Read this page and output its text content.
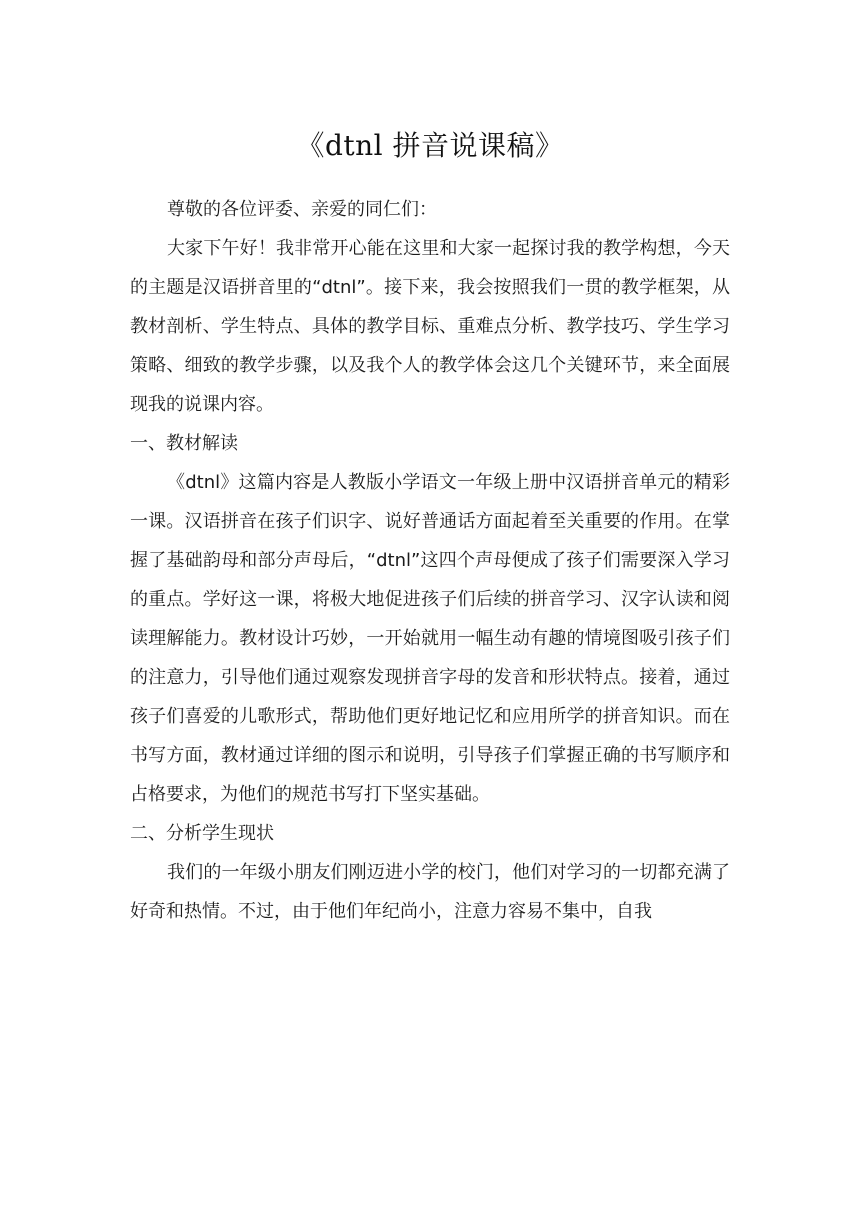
《dtnl 拼音说课稿》

尊敬的各位评委、亲爱的同仁们：

大家下午好！我非常开心能在这里和大家一起探讨我的教学构想，今天的主题是汉语拼音里的“dtnl”。接下来，我会按照我们一贯的教学框架，从教材剖析、学生特点、具体的教学目标、重难点分析、教学技巧、学生学习策略、细致的教学步骤，以及我个人的教学体会这几个关键环节，来全面展现我的说课内容。

一、教材解读

《dtnl》这篇内容是人教版小学语文一年级上册中汉语拼音单元的精彩一课。汉语拼音在孩子们识字、说好普通话方面起着至关重要的作用。在掌握了基础韵母和部分声母后，“dtnl”这四个声母便成了孩子们需要深入学习的重点。学好这一课，将极大地促进孩子们后续的拼音学习、汉字认读和阅读理解能力。教材设计巧妙，一开始就用一幅生动有趣的情境图吸引孩子们的注意力，引导他们通过观察发现拼音字母的发音和形状特点。接着，通过孩子们喜爱的儿歌形式，帮助他们更好地记忆和应用所学的拼音知识。而在书写方面，教材通过详细的图示和说明，引导孩子们掌握正确的书写顺序和占格要求，为他们的规范书写打下坚实基础。

二、分析学生现状

我们的一年级小朋友们刚迈进小学的校门，他们对学习的一切都充满了好奇和热情。不过，由于他们年纪尚小，注意力容易不集中，自我
